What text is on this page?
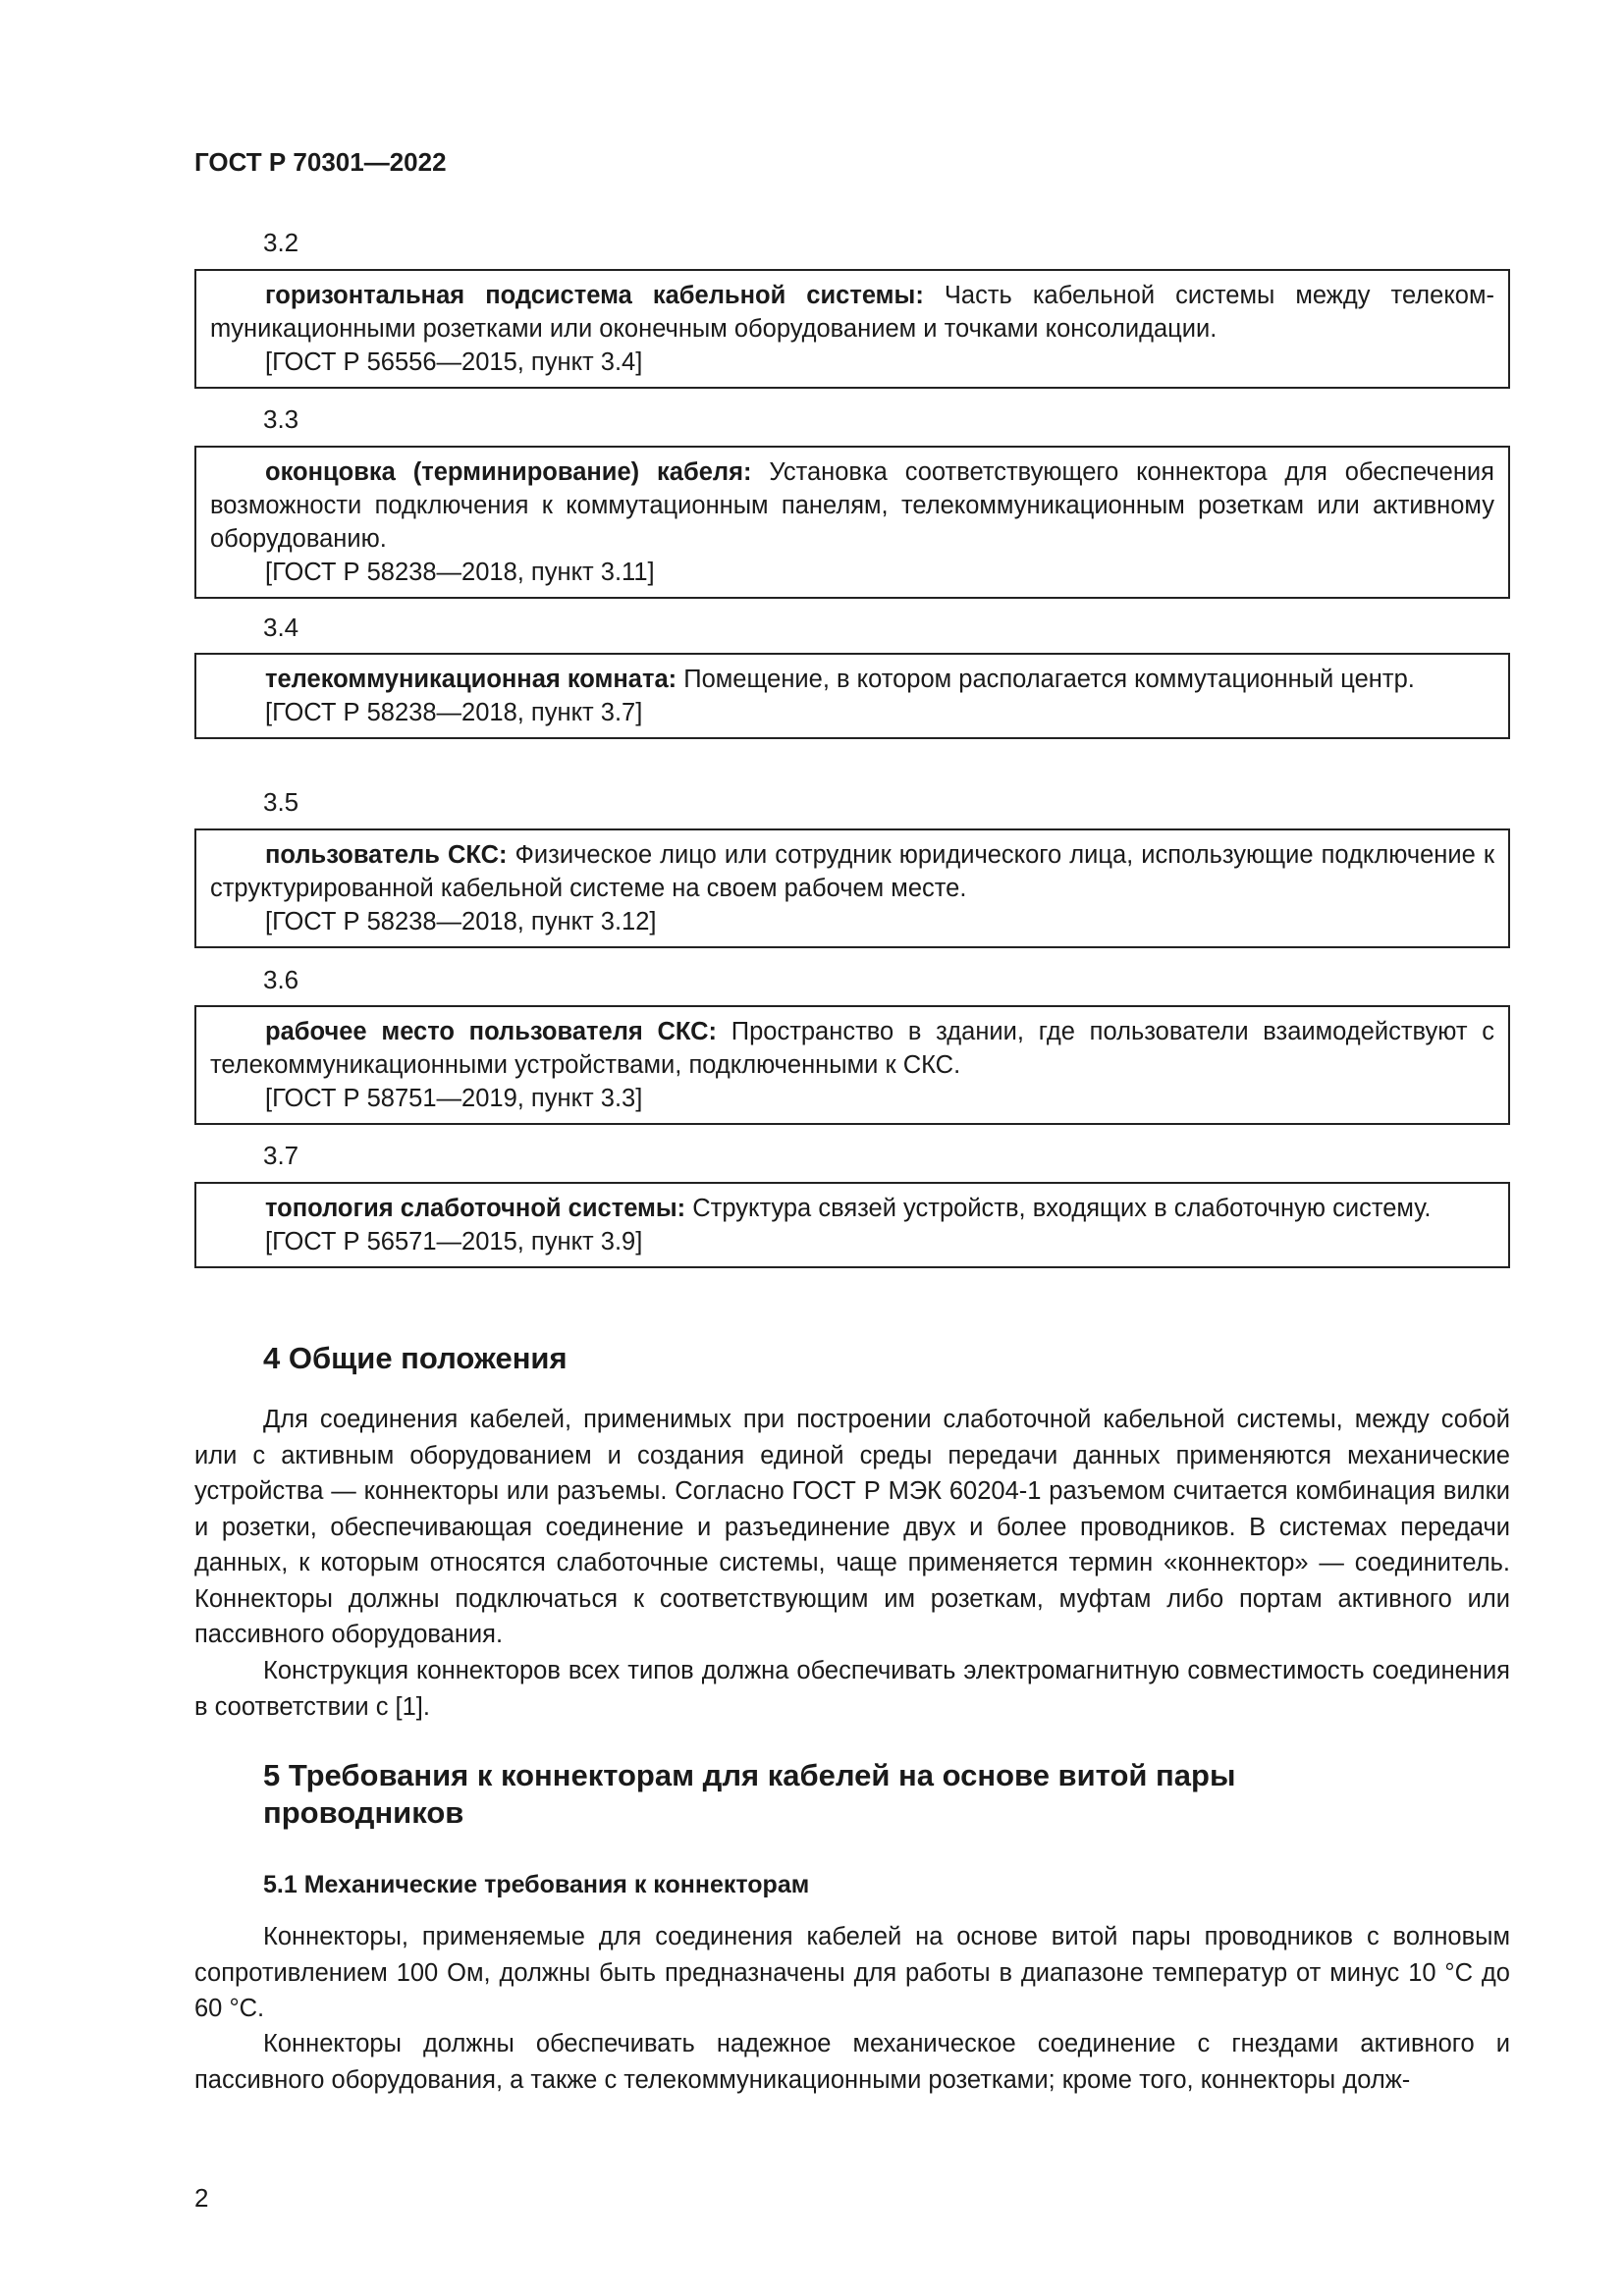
ГОСТ Р 70301—2022
3.2
горизонтальная подсистема кабельной системы: Часть кабельной системы между телекомmуникационными розетками или оконечным оборудованием и точками консолидации.
[ГОСТ Р 56556—2015, пункт 3.4]
3.3
оконцовка (терминирование) кабеля: Установка соответствующего коннектора для обеспечения возможности подключения к коммутационным панелям, телекоммуникационным розеткам или активному оборудованию.
[ГОСТ Р 58238—2018, пункт 3.11]
3.4
телекоммуникационная комната: Помещение, в котором располагается коммутационный центр.
[ГОСТ Р 58238—2018, пункт 3.7]
3.5
пользователь СКС: Физическое лицо или сотрудник юридического лица, использующие подключение к структурированной кабельной системе на своем рабочем месте.
[ГОСТ Р 58238—2018, пункт 3.12]
3.6
рабочее место пользователя СКС: Пространство в здании, где пользователи взаимодействуют с телекоммуникационными устройствами, подключенными к СКС.
[ГОСТ Р 58751—2019, пункт 3.3]
3.7
топология слаботочной системы: Структура связей устройств, входящих в слаботочную систему.
[ГОСТ Р 56571—2015, пункт 3.9]
4 Общие положения
Для соединения кабелей, применимых при построении слаботочной кабельной системы, между собой или с активным оборудованием и создания единой среды передачи данных применяются механические устройства — коннекторы или разъемы. Согласно ГОСТ Р МЭК 60204-1 разъемом считается комбинация вилки и розетки, обеспечивающая соединение и разъединение двух и более проводников. В системах передачи данных, к которым относятся слаботочные системы, чаще применяется термин «коннектор» — соединитель. Коннекторы должны подключаться к соответствующим им розеткам, муфтам либо портам активного или пассивного оборудования.
Конструкция коннекторов всех типов должна обеспечивать электромагнитную совместимость соединения в соответствии с [1].
5 Требования к коннекторам для кабелей на основе витой пары проводников
5.1 Механические требования к коннекторам
Коннекторы, применяемые для соединения кабелей на основе витой пары проводников с волновым сопротивлением 100 Ом, должны быть предназначены для работы в диапазоне температур от минус 10 °С до 60 °С.
Коннекторы должны обеспечивать надежное механическое соединение с гнездами активного и пассивного оборудования, а также с телекоммуникационными розетками; кроме того, коннекторы долж-
2
